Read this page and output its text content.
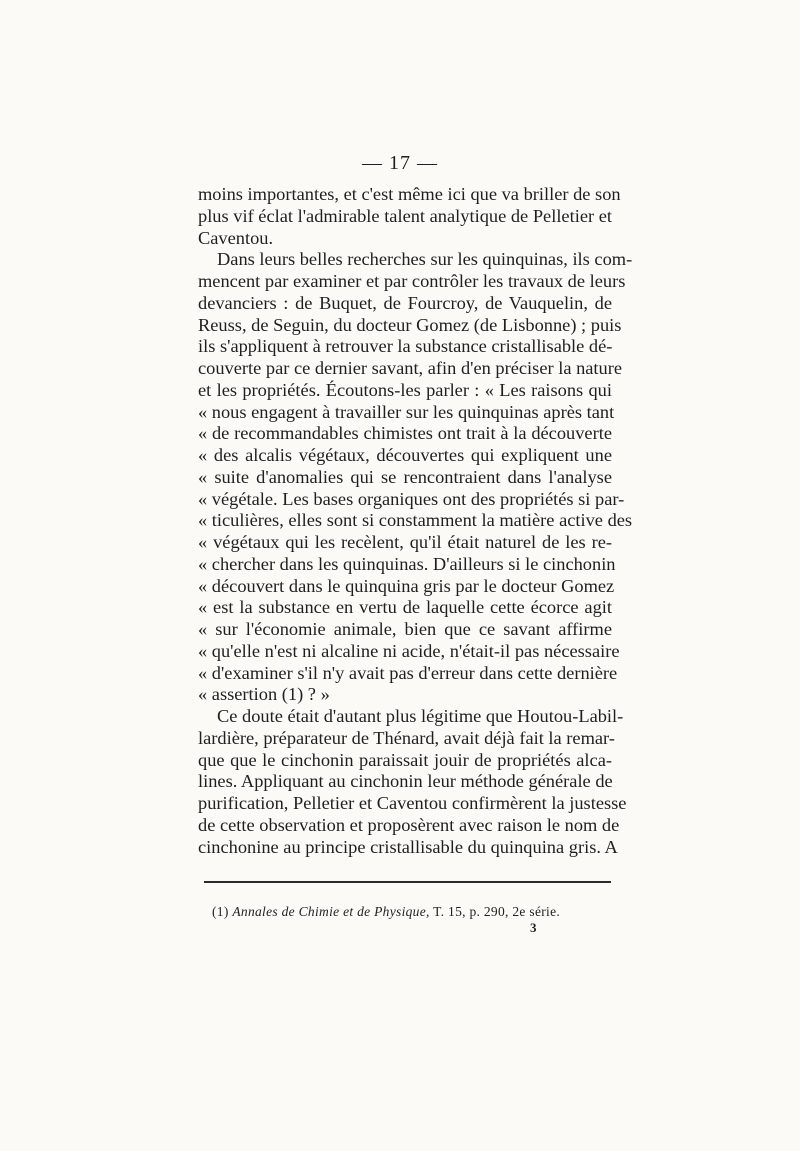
— 17 —
moins importantes, et c'est même ici que va briller de son
plus vif éclat l'admirable talent analytique de Pelletier et
Caventou.
Dans leurs belles recherches sur les quinquinas, ils com-
mencent par examiner et par contrôler les travaux de leurs
devanciers : de Buquet, de Fourcroy, de Vauquelin, de
Reuss, de Seguin, du docteur Gomez (de Lisbonne) ; puis
ils s'appliquent à retrouver la substance cristallisable dé-
couverte par ce dernier savant, afin d'en préciser la nature
et les propriétés. Écoutons-les parler : « Les raisons qui
« nous engagent à travailler sur les quinquinas après tant
« de recommandables chimistes ont trait à la découverte
« des alcalis végétaux, découvertes qui expliquent une
« suite d'anomalies qui se rencontraient dans l'analyse
« végétale. Les bases organiques ont des propriétés si par-
« ticulières, elles sont si constamment la matière active des
« végétaux qui les recèlent, qu'il était naturel de les re-
« chercher dans les quinquinas. D'ailleurs si le cinchonin
« découvert dans le quinquina gris par le docteur Gomez
« est la substance en vertu de laquelle cette écorce agit
« sur l'économie animale, bien que ce savant affirme
« qu'elle n'est ni alcaline ni acide, n'était-il pas nécessaire
« d'examiner s'il n'y avait pas d'erreur dans cette dernière
« assertion (1) ? »
Ce doute était d'autant plus légitime que Houtou-Labil-
lardière, préparateur de Thénard, avait déjà fait la remar-
que que le cinchonin paraissait jouir de propriétés alca-
lines. Appliquant au cinchonin leur méthode générale de
purification, Pelletier et Caventou confirmèrent la justesse
de cette observation et proposèrent avec raison le nom de
cinchonine au principe cristallisable du quinquina gris. A
(1) Annales de Chimie et de Physique, T. 15, p. 290, 2e série.
3
